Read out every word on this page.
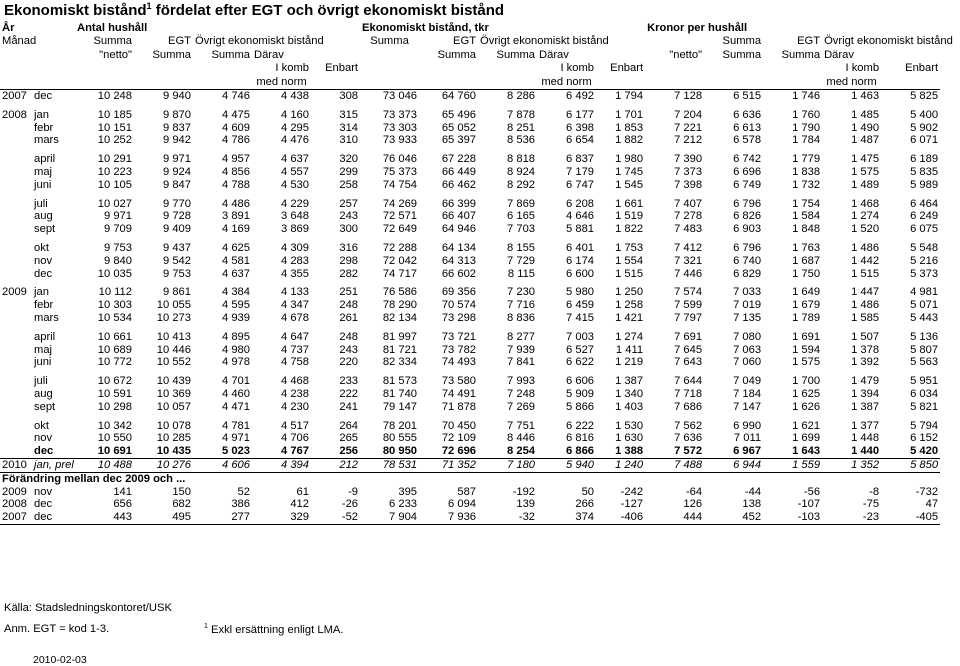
Ekonomiskt bistånd$^1$ fördelat efter EGT och övrigt ekonomiskt bistånd
År		Antal hushåll					Ekonomiskt bistånd, tkr					Kronor per hushåll				
Månad		Summa	EGT	Övrigt ekonomiskt bistånd			Summa	EGT	Övrigt ekonomiskt bistånd				Summa	EGT	Övrigt ekonomiskt bistånd	
		"netto"	Summa	Summa	Därav			Summa	Summa	Därav		"netto"	Summa	Summa	Därav	
					I komb	Enbart				I komb	Enbart				I komb	Enbart
					med norm					med norm					med norm	
2007	dec	10 248	9 940	4 746	4 438	308	73 046	64 760	8 286	6 492	1 794	7 128	6 515	1 746	1 463	5 825

2008	jan	10 185	9 870	4 475	4 160	315	73 373	65 496	7 878	6 177	1 701	7 204	6 636	1 760	1 485	5 400
	febr	10 151	9 837	4 609	4 295	314	73 303	65 052	8 251	6 398	1 853	7 221	6 613	1 790	1 490	5 902
	mars	10 252	9 942	4 786	4 476	310	73 933	65 397	8 536	6 654	1 882	7 212	6 578	1 784	1 487	6 071

	april	10 291	9 971	4 957	4 637	320	76 046	67 228	8 818	6 837	1 980	7 390	6 742	1 779	1 475	6 189
	maj	10 223	9 924	4 856	4 557	299	75 373	66 449	8 924	7 179	1 745	7 373	6 696	1 838	1 575	5 835
	juni	10 105	9 847	4 788	4 530	258	74 754	66 462	8 292	6 747	1 545	7 398	6 749	1 732	1 489	5 989

	juli	10 027	9 770	4 486	4 229	257	74 269	66 399	7 869	6 208	1 661	7 407	6 796	1 754	1 468	6 464
	aug	9 971	9 728	3 891	3 648	243	72 571	66 407	6 165	4 646	1 519	7 278	6 826	1 584	1 274	6 249
	sept	9 709	9 409	4 169	3 869	300	72 649	64 946	7 703	5 881	1 822	7 483	6 903	1 848	1 520	6 075

	okt	9 753	9 437	4 625	4 309	316	72 288	64 134	8 155	6 401	1 753	7 412	6 796	1 763	1 486	5 548
	nov	9 840	9 542	4 581	4 283	298	72 042	64 313	7 729	6 174	1 554	7 321	6 740	1 687	1 442	5 216
	dec	10 035	9 753	4 637	4 355	282	74 717	66 602	8 115	6 600	1 515	7 446	6 829	1 750	1 515	5 373

2009	jan	10 112	9 861	4 384	4 133	251	76 586	69 356	7 230	5 980	1 250	7 574	7 033	1 649	1 447	4 981
	febr	10 303	10 055	4 595	4 347	248	78 290	70 574	7 716	6 459	1 258	7 599	7 019	1 679	1 486	5 071
	mars	10 534	10 273	4 939	4 678	261	82 134	73 298	8 836	7 415	1 421	7 797	7 135	1 789	1 585	5 443

	april	10 661	10 413	4 895	4 647	248	81 997	73 721	8 277	7 003	1 274	7 691	7 080	1 691	1 507	5 136
	maj	10 689	10 446	4 980	4 737	243	81 721	73 782	7 939	6 527	1 411	7 645	7 063	1 594	1 378	5 807
	juni	10 772	10 552	4 978	4 758	220	82 334	74 493	7 841	6 622	1 219	7 643	7 060	1 575	1 392	5 563

	juli	10 672	10 439	4 701	4 468	233	81 573	73 580	7 993	6 606	1 387	7 644	7 049	1 700	1 479	5 951
	aug	10 591	10 369	4 460	4 238	222	81 740	74 491	7 248	5 909	1 340	7 718	7 184	1 625	1 394	6 034
	sept	10 298	10 057	4 471	4 230	241	79 147	71 878	7 269	5 866	1 403	7 686	7 147	1 626	1 387	5 821

	okt	10 342	10 078	4 781	4 517	264	78 201	70 450	7 751	6 222	1 530	7 562	6 990	1 621	1 377	5 794
	nov	10 550	10 285	4 971	4 706	265	80 555	72 109	8 446	6 816	1 630	7 636	7 011	1 699	1 448	6 152
	dec	10 691	10 435	5 023	4 767	256	80 950	72 696	8 254	6 866	1 388	7 572	6 967	1 643	1 440	5 420
2010	jan, prel	10 488	10 276	4 606	4 394	212	78 531	71 352	7 180	5 940	1 240	7 488	6 944	1 559	1 352	5 850
Förändring mellan dec 2009 och ...																
2009	nov	141	150	52	61	-9	395	587	-192	50	-242	-64	-44	-56	-8	-732
2008	dec	656	682	386	412	-26	6 233	6 094	139	266	-127	126	138	-107	-75	47
2007	dec	443	495	277	329	-52	7 904	7 936	-32	374	-406	444	452	-103	-23	-405
Källa: Stadsledningskontoret/USK
Anm. EGT = kod 1-3.	$^1$ Exkl ersättning enligt LMA.
2010-02-03
